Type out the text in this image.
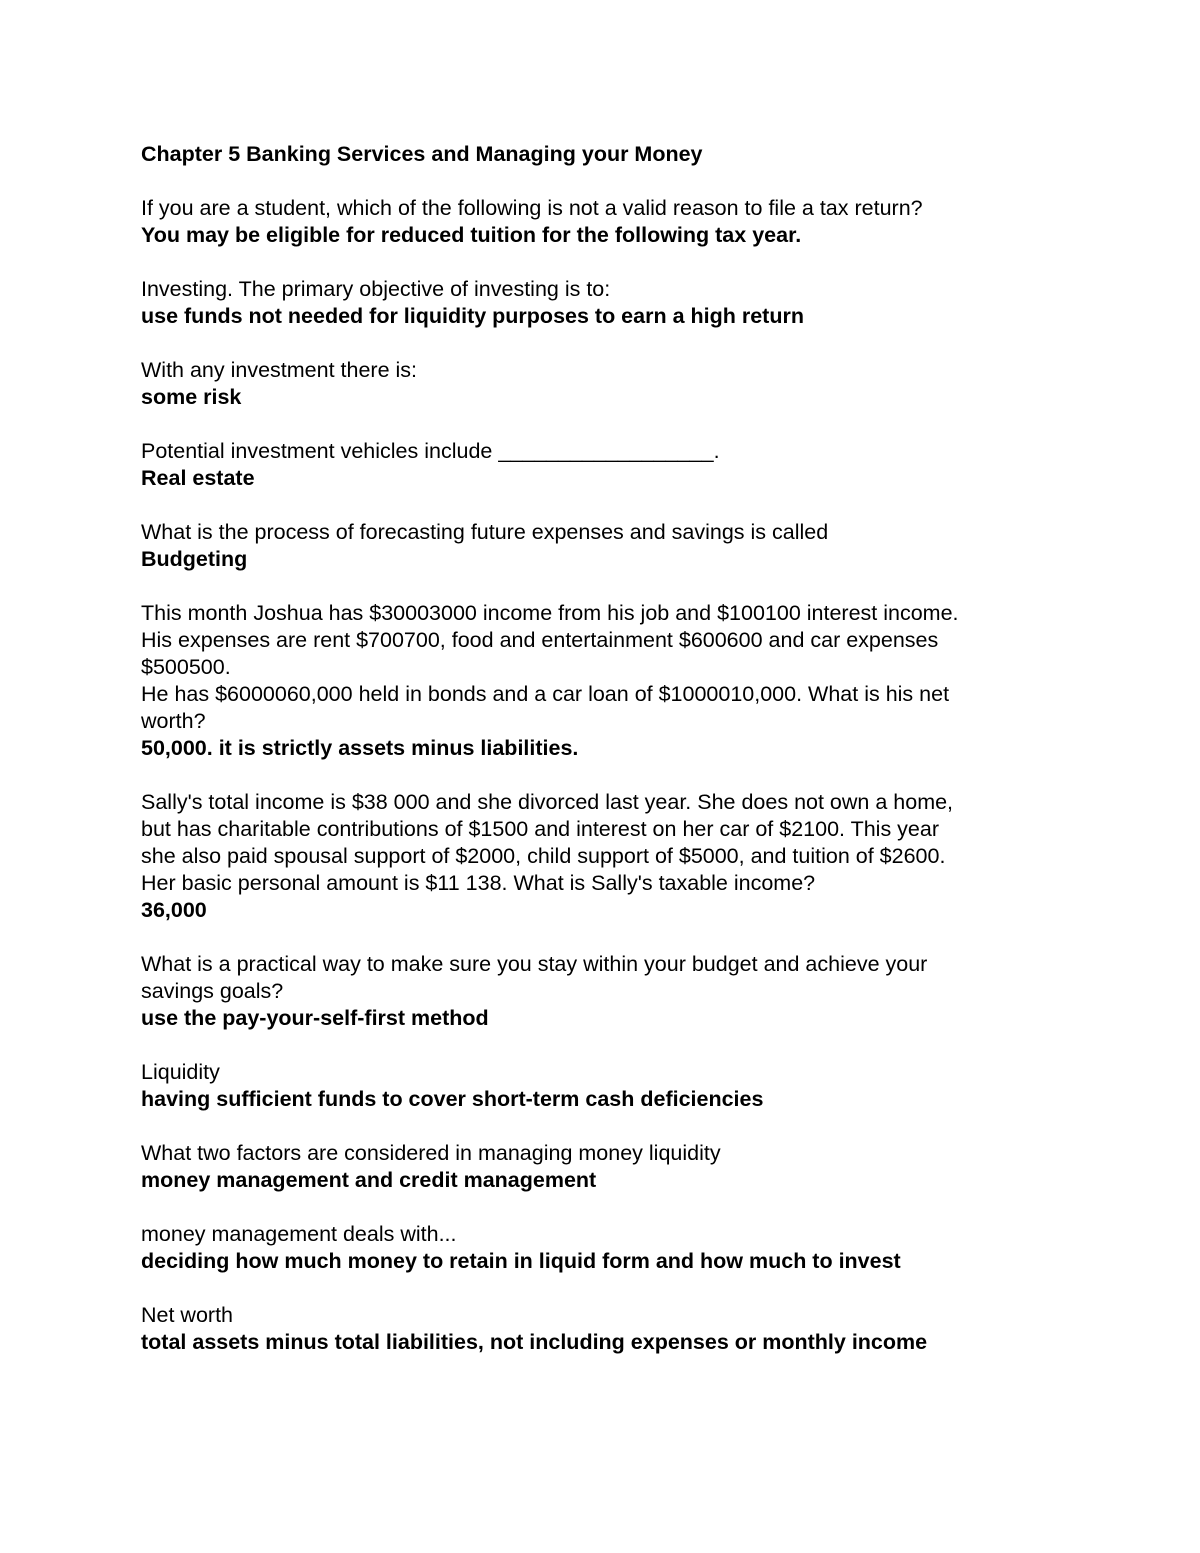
Chapter 5 Banking Services and Managing your Money

If you are a student, which of the following is not a valid reason to file a tax return?
You may be eligible for reduced tuition for the following tax year.
Investing. The primary objective of investing is to:
use funds not needed for liquidity purposes to earn a high return
With any investment there is:
some risk
Potential investment vehicles include __________________.
Real estate
What is the process of forecasting future expenses and savings is called
Budgeting
This month Joshua has $30003000 income from his job and $100100 interest income.
His expenses are rent $700700, food and entertainment $600600 and car expenses
$500500.
He has $6000060,000 held in bonds and a car loan of $1000010,000. What is his net
worth?
50,000. it is strictly assets minus liabilities.
Sally's total income is $38 000 and she divorced last year. She does not own a home,
but has charitable contributions of $1500 and interest on her car of $2100. This year
she also paid spousal support of $2000, child support of $5000, and tuition of $2600.
Her basic personal amount is $11 138. What is Sally's taxable income?
36,000
What is a practical way to make sure you stay within your budget and achieve your
savings goals?
use the pay-your-self-first method
Liquidity
having sufficient funds to cover short-term cash deficiencies
What two factors are considered in managing money liquidity
money management and credit management
money management deals with...
deciding how much money to retain in liquid form and how much to invest
Net worth
total assets minus total liabilities, not including expenses or monthly income
